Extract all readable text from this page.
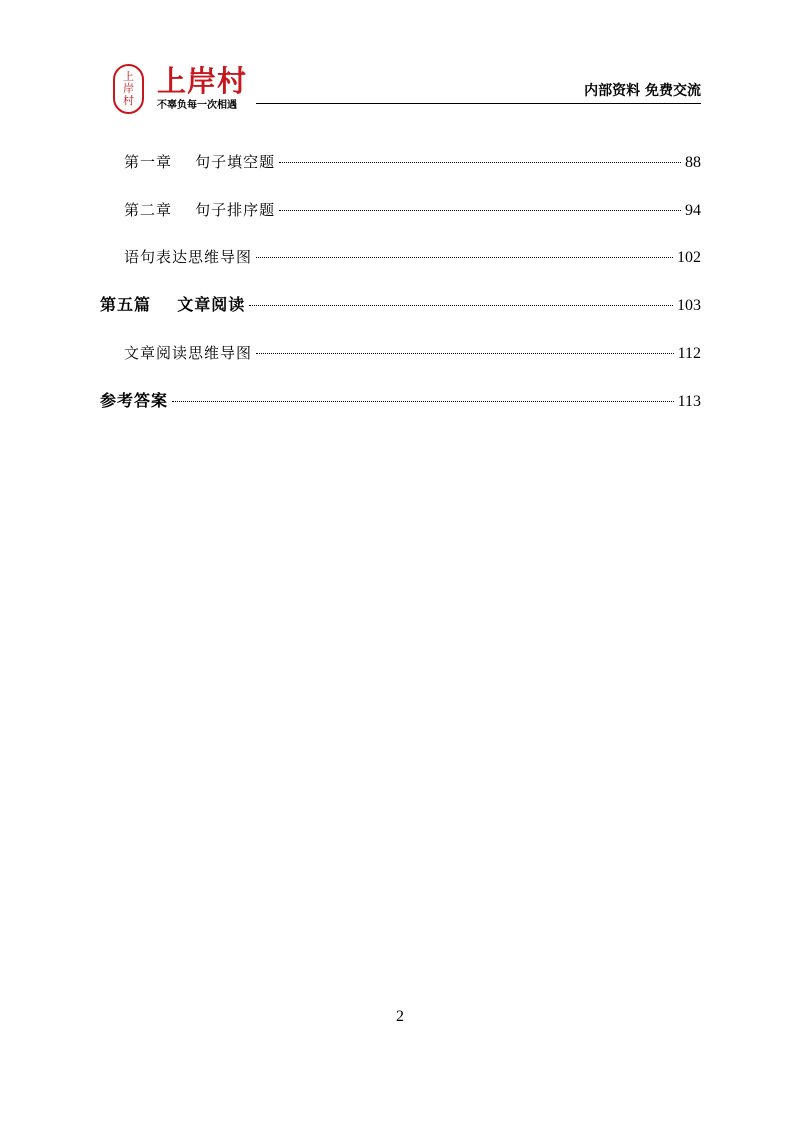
上
岸
村
上岸村
不辜负每一次相遇
内部资料 免费交流
第一章    句子填空题	88
第二章    句子排序题	94
语句表达思维导图	102
第五篇    文章阅读	103
文章阅读思维导图	112
参考答案	113
2
